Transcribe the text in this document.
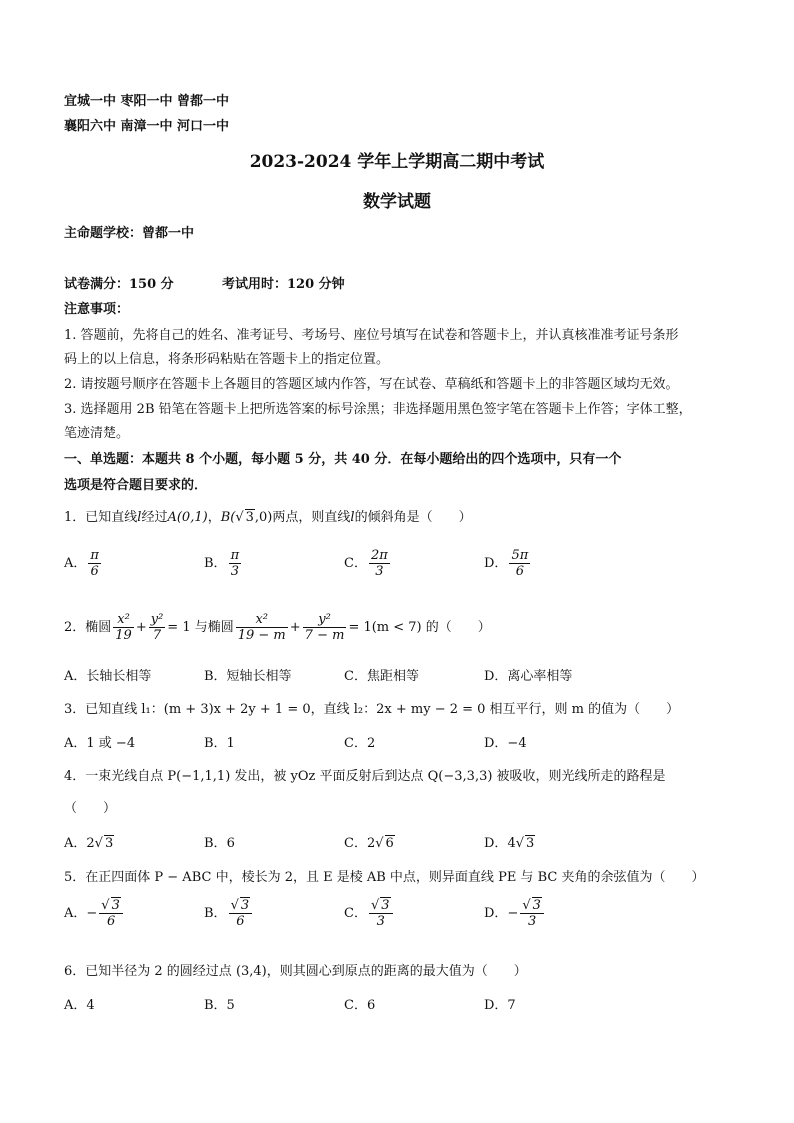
宜城一中 枣阳一中 曾都一中
襄阳六中 南漳一中 河口一中
2023-2024 学年上学期高二期中考试
数学试题
主命题学校：曾都一中
试卷满分：150 分	考试用时：120 分钟
注意事项：
1. 答题前，先将自己的姓名、准考证号、考场号、座位号填写在试卷和答题卡上，并认真核准准考证号条形
码上的以上信息，将条形码粘贴在答题卡上的指定位置。
2. 请按题号顺序在答题卡上各题目的答题区域内作答，写在试卷、草稿纸和答题卡上的非答题区域均无效。
3. 选择题用 2B 铅笔在答题卡上把所选答案的标号涂黑；非选择题用黑色签字笔在答题卡上作答；字体工整，
笔迹清楚。
一、单选题：本题共 8 个小题，每小题 5 分，共 40 分．在每小题给出的四个选项中，只有一个
选项是符合题目要求的．
1．已知直线l经过A(0,1)，B(√ 3,0)两点，则直线l的倾斜角是（　　）
A． $\frac{\pi}{6}$	B． $\frac{\pi}{3}$	C． $\frac{2\pi}{3}$	D． $\frac{5\pi}{6}$
2．椭圆 $\frac{\text{x²}}{19} + \frac{\text{y²}}{7} = 1$ 与椭圆 $\frac{\text{x²}}{19 - m} + \frac{\text{y²}}{7 - m} = 1(m < 7)$ 的（　　）
A．长轴长相等	B．短轴长相等	C．焦距相等	D．离心率相等
3．已知直线 l₁：(m + 3)x + 2y + 1 = 0，直线 l₂：2x + my − 2 = 0 相互平行，则 m 的值为（　　）
A．1 或 −4	B．1	C．2	D．−4
4．一束光线自点 P(−1,1,1) 发出，被 yOz 平面反射后到达点 Q(−3,3,3) 被吸收，则光线所走的路程是
（　　）
A．2√ 3	B．6	C．2√ 6	D．4√ 3
5．在正四面体 P − ABC 中，棱长为 2，且 E 是棱 AB 中点，则异面直线 PE 与 BC 夹角的余弦值为（　　）
A．− $\frac{√ 3}{6}$	B． $\frac{√ 3}{6}$	C． $\frac{√ 3}{3}$	D．− $\frac{√ 3}{3}$
6．已知半径为 2 的圆经过点 (3,4)，则其圆心到原点的距离的最大值为（　　）
A．4	B．5	C．6	D．7
